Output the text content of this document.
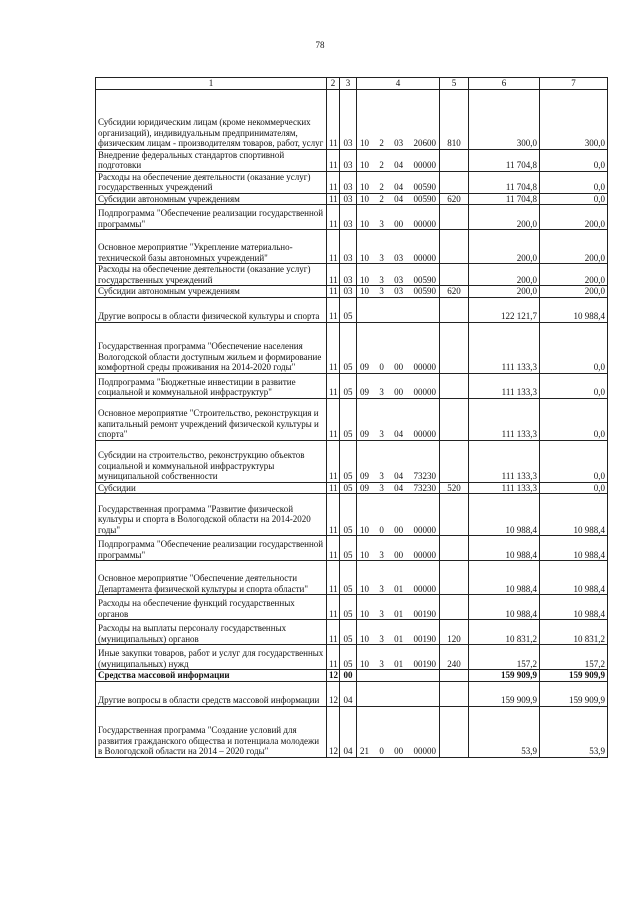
78
1	2	3	4	5	6	7
Субсидии юридическим лицам (кроме некоммерческих организаций), индивидуальным предпринимателям, физическим лицам - производителям товаров, работ, услуг	11	03	10 2 03 20600	810	300,0	300,0
Внедрение федеральных стандартов спортивной подготовки	11	03	10 2 04 00000		11 704,8	0,0
Расходы на обеспечение деятельности (оказание услуг) государственных учреждений	11	03	10 2 04 00590		11 704,8	0,0
Субсидии автономным учреждениям	11	03	10 2 04 00590	620	11 704,8	0,0
Подпрограмма "Обеспечение реализации государственной программы"	11	03	10 3 00 00000		200,0	200,0
Основное мероприятие "Укрепление материально-технической базы автономных учреждений"	11	03	10 3 03 00000		200,0	200,0
Расходы на обеспечение деятельности (оказание услуг) государственных учреждений	11	03	10 3 03 00590		200,0	200,0
Субсидии автономным учреждениям	11	03	10 3 03 00590	620	200,0	200,0
Другие вопросы в области физической культуры и спорта	11	05			122 121,7	10 988,4
Государственная программа "Обеспечение населения Вологодской области доступным жильем и формирование комфортной среды проживания на 2014-2020 годы"	11	05	09 0 00 00000		111 133,3	0,0
Подпрограмма "Бюджетные инвестиции в развитие социальной и коммунальной инфраструктур"	11	05	09 3 00 00000		111 133,3	0,0
Основное мероприятие "Строительство, реконструкция и капитальный ремонт учреждений физической культуры и спорта"	11	05	09 3 04 00000		111 133,3	0,0
Субсидии на строительство, реконструкцию объектов социальной и коммунальной инфраструктуры муниципальной собственности	11	05	09 3 04 73230		111 133,3	0,0
Субсидии	11	05	09 3 04 73230	520	111 133,3	0,0
Государственная программа "Развитие физической культуры и спорта в Вологодской области на 2014-2020 годы"	11	05	10 0 00 00000		10 988,4	10 988,4
Подпрограмма "Обеспечение реализации государственной программы"	11	05	10 3 00 00000		10 988,4	10 988,4
Основное мероприятие "Обеспечение деятельности Департамента физической культуры и спорта области"	11	05	10 3 01 00000		10 988,4	10 988,4
Расходы на обеспечение функций государственных органов	11	05	10 3 01 00190		10 988,4	10 988,4
Расходы на выплаты персоналу государственных (муниципальных) органов	11	05	10 3 01 00190	120	10 831,2	10 831,2
Иные закупки товаров, работ и услуг для государственных (муниципальных) нужд	11	05	10 3 01 00190	240	157,2	157,2
Средства массовой информации	12	00			159 909,9	159 909,9
Другие вопросы в области средств массовой информации	12	04			159 909,9	159 909,9
Государственная программа "Создание условий для развития гражданского общества и потенциала молодежи в Вологодской области на 2014 – 2020 годы"	12	04	21 0 00 00000		53,9	53,9
